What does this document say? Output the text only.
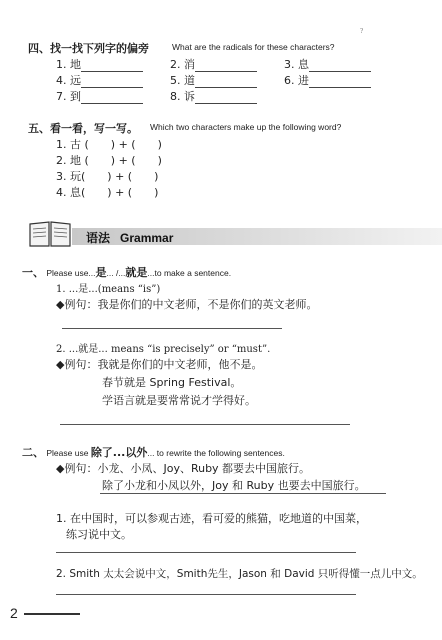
?
四、找一找下列字的偏旁	What are the radicals for these characters?
1. 地	2. 消	3. 息
4. 远	5. 道	6. 进
7. 到	8. 诉
五、看一看，写一写。 Which two characters make up the following word?
1. 古 (　　) + (　　)
2. 地 (　　) + (　　)
3. 玩(　　) + (　　)
4. 息(　　) + (　　)
语法 Grammar
一、 Please use...是... /...就是...to make a sentence.
1. ...是...(means “is”)
◆例句：我是你们的中文老师，不是你们的英文老师。
2. ...就是... means “is precisely” or “must”.
◆例句：我就是你们的中文老师，他不是。
春节就是 Spring Festival。
学语言就是要常常说才学得好。
二、 Please use 除了...以外... to rewrite the following sentences.
◆例句：小龙、小凤、Joy、Ruby 都要去中国旅行。
除了小龙和小凤以外，Joy 和 Ruby 也要去中国旅行。
1. 在中国时，可以参观古迹，看可爱的熊猫，吃地道的中国菜，
练习说中文。
2. Smith 太太会说中文，Smith先生，Jason 和 David 只听得懂一点儿中文。
2
